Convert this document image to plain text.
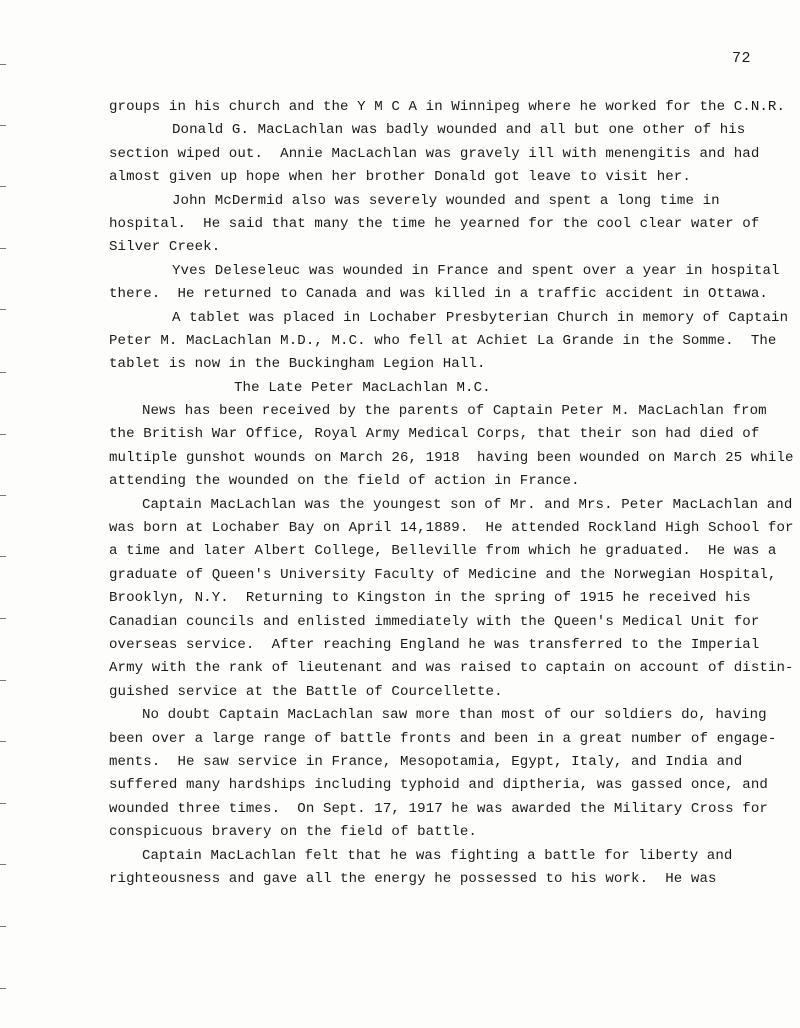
72
groups in his church and the Y M C A in Winnipeg where he worked for the C.N.R.
Donald G. MacLachlan was badly wounded and all but one other of his
section wiped out.  Annie MacLachlan was gravely ill with menengitis and had
almost given up hope when her brother Donald got leave to visit her.
John McDermid also was severely wounded and spent a long time in
hospital.  He said that many the time he yearned for the cool clear water of
Silver Creek.
Yves Deleseleuc was wounded in France and spent over a year in hospital
there.  He returned to Canada and was killed in a traffic accident in Ottawa.
A tablet was placed in Lochaber Presbyterian Church in memory of Captain
Peter M. MacLachlan M.D., M.C. who fell at Achiet La Grande in the Somme.  The
tablet is now in the Buckingham Legion Hall.
The Late Peter MacLachlan M.C.
News has been received by the parents of Captain Peter M. MacLachlan from
the British War Office, Royal Army Medical Corps, that their son had died of
multiple gunshot wounds on March 26, 1918  having been wounded on March 25 while
attending the wounded on the field of action in France.
Captain MacLachlan was the youngest son of Mr. and Mrs. Peter MacLachlan and
was born at Lochaber Bay on April 14,1889.  He attended Rockland High School for
a time and later Albert College, Belleville from which he graduated.  He was a
graduate of Queen's University Faculty of Medicine and the Norwegian Hospital,
Brooklyn, N.Y.  Returning to Kingston in the spring of 1915 he received his
Canadian councils and enlisted immediately with the Queen's Medical Unit for
overseas service.  After reaching England he was transferred to the Imperial
Army with the rank of lieutenant and was raised to captain on account of distin-
guished service at the Battle of Courcellette.
No doubt Captain MacLachlan saw more than most of our soldiers do, having
been over a large range of battle fronts and been in a great number of engage-
ments.  He saw service in France, Mesopotamia, Egypt, Italy, and India and
suffered many hardships including typhoid and diptheria, was gassed once, and
wounded three times.  On Sept. 17, 1917 he was awarded the Military Cross for
conspicuous bravery on the field of battle.
Captain MacLachlan felt that he was fighting a battle for liberty and
righteousness and gave all the energy he possessed to his work.  He was
